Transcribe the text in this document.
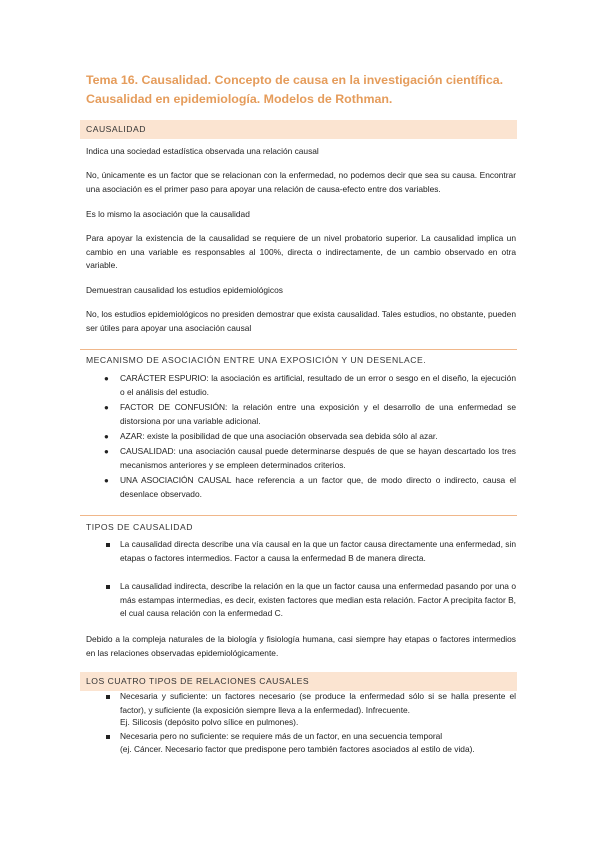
Tema 16. Causalidad. Concepto de causa en la investigación científica. Causalidad en epidemiología. Modelos de Rothman.
CAUSALIDAD
Indica una sociedad estadística observada una relación causal
No, únicamente es un factor que se relacionan con la enfermedad, no podemos decir que sea su causa. Encontrar una asociación es el primer paso para apoyar una relación de causa-efecto entre dos variables.
Es lo mismo la asociación que la causalidad
Para apoyar la existencia de la causalidad se requiere de un nivel probatorio superior. La causalidad implica un cambio en una variable es responsables al 100%, directa o indirectamente, de un cambio observado en otra variable.
Demuestran causalidad los estudios epidemiológicos
No, los estudios epidemiológicos no presiden demostrar que exista causalidad. Tales estudios, no obstante, pueden ser útiles para apoyar una asociación causal
MECANISMO DE ASOCIACIÓN ENTRE UNA EXPOSICIÓN Y UN DESENLACE.
● CARÁCTER ESPURIO: la asociación es artificial, resultado de un error o sesgo en el diseño, la ejecución o el análisis del estudio.
● FACTOR DE CONFUSIÓN: la relación entre una exposición y el desarrollo de una enfermedad se distorsiona por una variable adicional.
● AZAR: existe la posibilidad de que una asociación observada sea debida sólo al azar.
● CAUSALIDAD: una asociación causal puede determinarse después de que se hayan descartado los tres mecanismos anteriores y se empleen determinados criterios.
● UNA ASOCIACIÓN CAUSAL hace referencia a un factor que, de modo directo o indirecto, causa el desenlace observado.
TIPOS DE CAUSALIDAD
La causalidad directa describe una vía causal en la que un factor causa directamente una enfermedad, sin etapas o factores intermedios. Factor a causa la enfermedad B de manera directa.
La causalidad indirecta, describe la relación en la que un factor causa una enfermedad pasando por una o más estampas intermedias, es decir, existen factores que median esta relación. Factor A precipita factor B, el cual causa relación con la enfermedad C.
Debido a la compleja naturales de la biología y fisiología humana, casi siempre hay etapas o factores intermedios en las relaciones observadas epidemiológicamente.
LOS CUATRO TIPOS DE RELACIONES CAUSALES
Necesaria y suficiente: un factores necesario (se produce la enfermedad sólo si se halla presente el factor), y suficiente (la exposición siempre lleva a la enfermedad). Infrecuente.
Ej. Silicosis (depósito polvo sílice en pulmones).
Necesaria pero no suficiente: se requiere más de un factor, en una secuencia temporal
(ej. Cáncer. Necesario factor que predispone pero también factores asociados al estilo de vida).
